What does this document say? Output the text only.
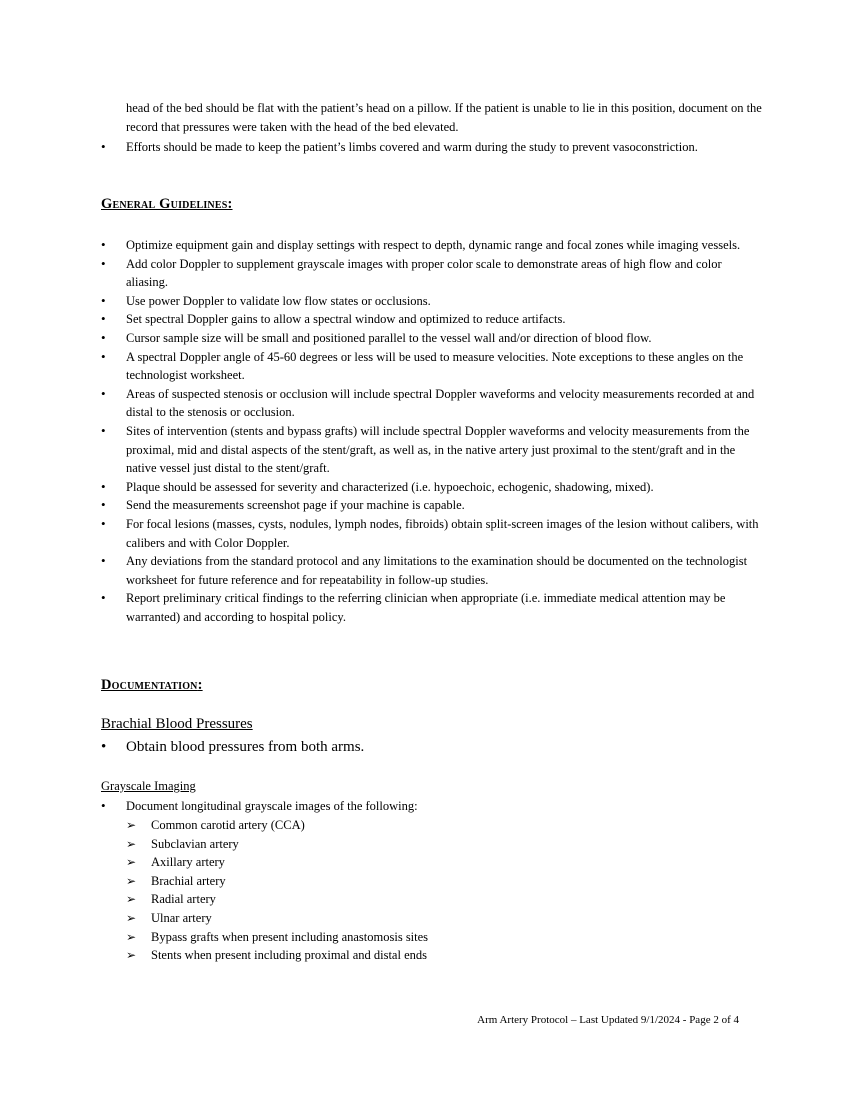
head of the bed should be flat with the patient’s head on a pillow. If the patient is unable to lie in this position, document on the record that pressures were taken with the head of the bed elevated.
• Efforts should be made to keep the patient’s limbs covered and warm during the study to prevent vasoconstriction.
General Guidelines:
• Optimize equipment gain and display settings with respect to depth, dynamic range and focal zones while imaging vessels.
• Add color Doppler to supplement grayscale images with proper color scale to demonstrate areas of high flow and color aliasing.
• Use power Doppler to validate low flow states or occlusions.
• Set spectral Doppler gains to allow a spectral window and optimized to reduce artifacts.
• Cursor sample size will be small and positioned parallel to the vessel wall and/or direction of blood flow.
• A spectral Doppler angle of 45-60 degrees or less will be used to measure velocities. Note exceptions to these angles on the technologist worksheet.
• Areas of suspected stenosis or occlusion will include spectral Doppler waveforms and velocity measurements recorded at and distal to the stenosis or occlusion.
• Sites of intervention (stents and bypass grafts) will include spectral Doppler waveforms and velocity measurements from the proximal, mid and distal aspects of the stent/graft, as well as, in the native artery just proximal to the stent/graft and in the native vessel just distal to the stent/graft.
• Plaque should be assessed for severity and characterized (i.e. hypoechoic, echogenic, shadowing, mixed).
• Send the measurements screenshot page if your machine is capable.
• For focal lesions (masses, cysts, nodules, lymph nodes, fibroids) obtain split-screen images of the lesion without calibers, with calibers and with Color Doppler.
• Any deviations from the standard protocol and any limitations to the examination should be documented on the technologist worksheet for future reference and for repeatability in follow-up studies.
• Report preliminary critical findings to the referring clinician when appropriate (i.e. immediate medical attention may be warranted) and according to hospital policy.
Documentation:
Brachial Blood Pressures
• Obtain blood pressures from both arms.
Grayscale Imaging
• Document longitudinal grayscale images of the following:
➢ Common carotid artery (CCA)
➢ Subclavian artery
➢ Axillary artery
➢ Brachial artery
➢ Radial artery
➢ Ulnar artery
➢ Bypass grafts when present including anastomosis sites
➢ Stents when present including proximal and distal ends
Arm Artery Protocol – Last Updated 9/1/2024 - Page 2 of 4
